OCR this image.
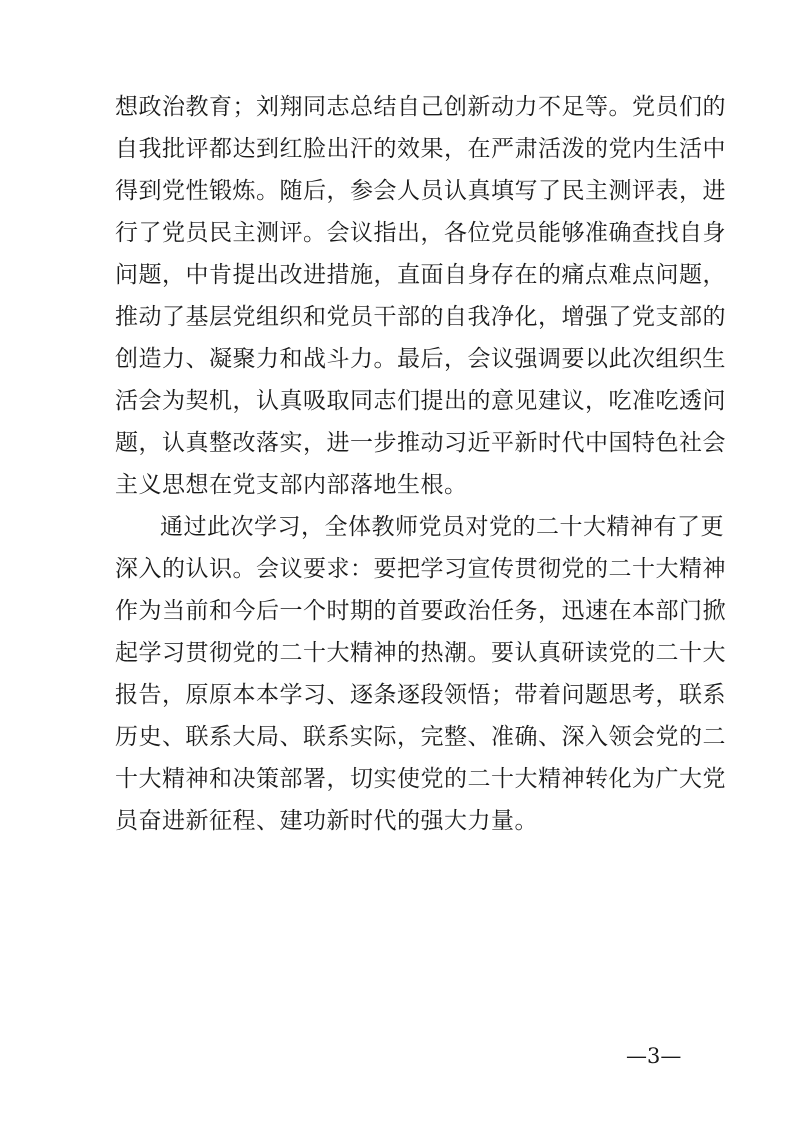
想政治教育；刘翔同志总结自己创新动力不足等。党员们的
自我批评都达到红脸出汗的效果，在严肃活泼的党内生活中
得到党性锻炼。随后，参会人员认真填写了民主测评表，进
行了党员民主测评。会议指出，各位党员能够准确查找自身
问题，中肯提出改进措施，直面自身存在的痛点难点问题，
推动了基层党组织和党员干部的自我净化，增强了党支部的
创造力、凝聚力和战斗力。最后，会议强调要以此次组织生
活会为契机，认真吸取同志们提出的意见建议，吃准吃透问
题，认真整改落实，进一步推动习近平新时代中国特色社会
主义思想在党支部内部落地生根。
通过此次学习，全体教师党员对党的二十大精神有了更
深入的认识。会议要求：要把学习宣传贯彻党的二十大精神
作为当前和今后一个时期的首要政治任务，迅速在本部门掀
起学习贯彻党的二十大精神的热潮。要认真研读党的二十大
报告，原原本本学习、逐条逐段领悟；带着问题思考，联系
历史、联系大局、联系实际，完整、准确、深入领会党的二
十大精神和决策部署，切实使党的二十大精神转化为广大党
员奋进新征程、建功新时代的强大力量。
—3—
